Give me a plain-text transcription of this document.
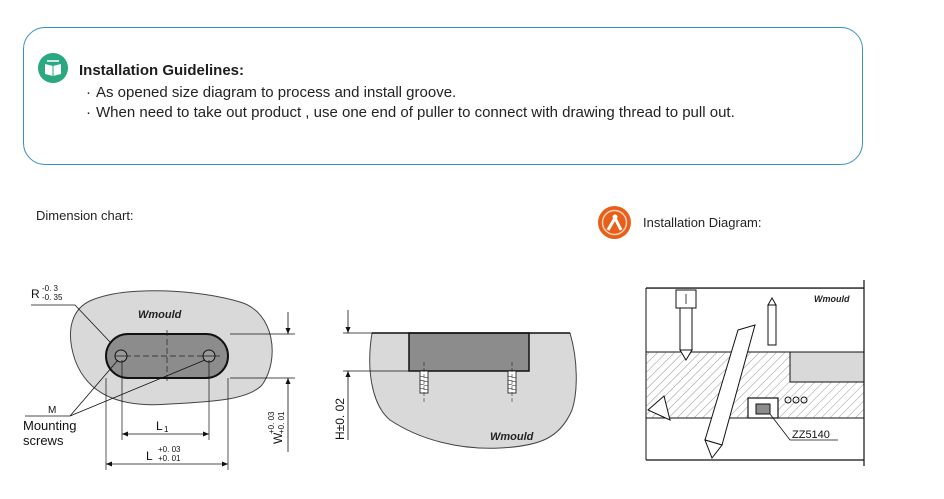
Installation Guidelines:
· As opened size diagram to process and install groove.
· When need to take out product , use one end of puller to connect with drawing thread to pull out.
Dimension chart:	Installation Diagram:
Wmould
R -0. 3
-0. 35
M
Mounting
screws
L 1
L +0. 03
+0. 01
W
+0. 03 +0. 01
Wmould
H±0. 02
Wmould
ZZ5140
